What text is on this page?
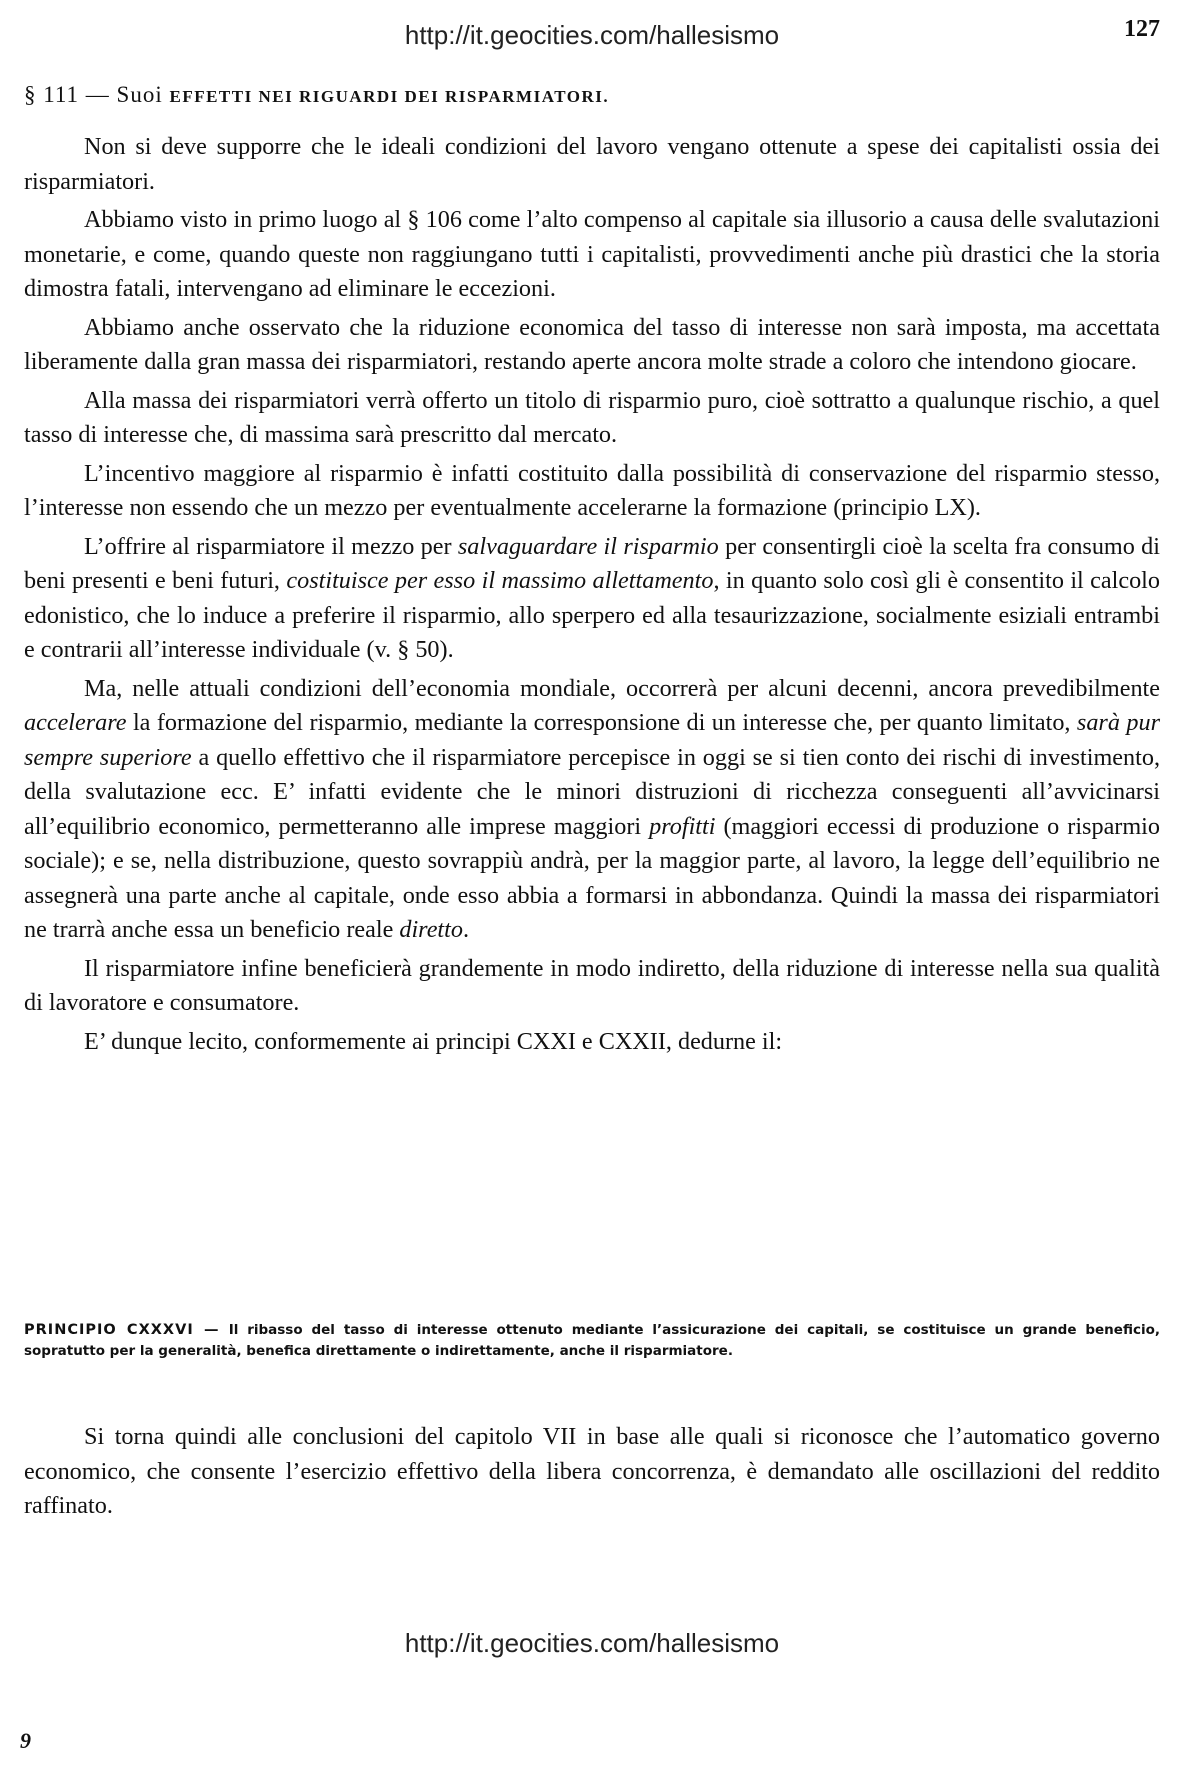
http://it.geocities.com/hallesismo	127
§ 111 — Suoi EFFETTI NEI RIGUARDI DEI RISPARMIATORI.

Non si deve supporre che le ideali condizioni del lavoro vengano ottenute a spese dei capitalisti ossia dei risparmiatori.

Abbiamo visto in primo luogo al § 106 come l’alto compenso al capitale sia illusorio a causa delle svalutazioni monetarie, e come, quando queste non raggiungano tutti i capitalisti, provvedimenti anche più drastici che la storia dimostra fatali, intervengano ad eliminare le eccezioni.

Abbiamo anche osservato che la riduzione economica del tasso di interesse non sarà imposta, ma accettata liberamente dalla gran massa dei risparmiatori, restando aperte ancora molte strade a coloro che intendono giocare.

Alla massa dei risparmiatori verrà offerto un titolo di risparmio puro, cioè sottratto a qualunque rischio, a quel tasso di interesse che, di massima sarà prescritto dal mercato.

L’incentivo maggiore al risparmio è infatti costituito dalla possibilità di conservazione del risparmio stesso, l’interesse non essendo che un mezzo per eventualmente accelerarne la formazione (principio LX).

L’offrire al risparmiatore il mezzo per salvaguardare il risparmio per consentirgli cioè la scelta fra consumo di beni presenti e beni futuri, costituisce per esso il massimo allettamento, in quanto solo così gli è consentito il calcolo edonistico, che lo induce a preferire il risparmio, allo sperpero ed alla tesaurizzazione, socialmente esiziali entrambi e contrarii all’interesse individuale (v. § 50).

Ma, nelle attuali condizioni dell’economia mondiale, occorrerà per alcuni decenni, ancora prevedibilmente accelerare la formazione del risparmio, mediante la corresponsione di un interesse che, per quanto limitato, sarà pur sempre superiore a quello effettivo che il risparmiatore percepisce in oggi se si tien conto dei rischi di investimento, della svalutazione ecc. E’ infatti evidente che le minori distruzioni di ricchezza conseguenti all’avvicinarsi all’equilibrio economico, permetteranno alle imprese maggiori profitti (maggiori eccessi di produzione o risparmio sociale); e se, nella distribuzione, questo sovrappiù andrà, per la maggior parte, al lavoro, la legge dell’equilibrio ne assegnerà una parte anche al capitale, onde esso abbia a formarsi in abbondanza. Quindi la massa dei risparmiatori ne trarrà anche essa un beneficio reale diretto.

Il risparmiatore infine beneficierà grandemente in modo indiretto, della riduzione di interesse nella sua qualità di lavoratore e consumatore.

E’ dunque lecito, conformemente ai principi CXXI e CXXII, dedurne il:

PRINCIPIO CXXXVI — Il ribasso del tasso di interesse ottenuto mediante l’assicurazione dei capitali, se costituisce un grande beneficio, sopratutto per la generalità, benefica direttamente o indirettamente, anche il risparmiatore.

Si torna quindi alle conclusioni del capitolo VII in base alle quali si riconosce che l’automatico governo economico, che consente l’esercizio effettivo della libera concorrenza, è demandato alle oscillazioni del reddito raffinato.

http://it.geocities.com/hallesismo
9
